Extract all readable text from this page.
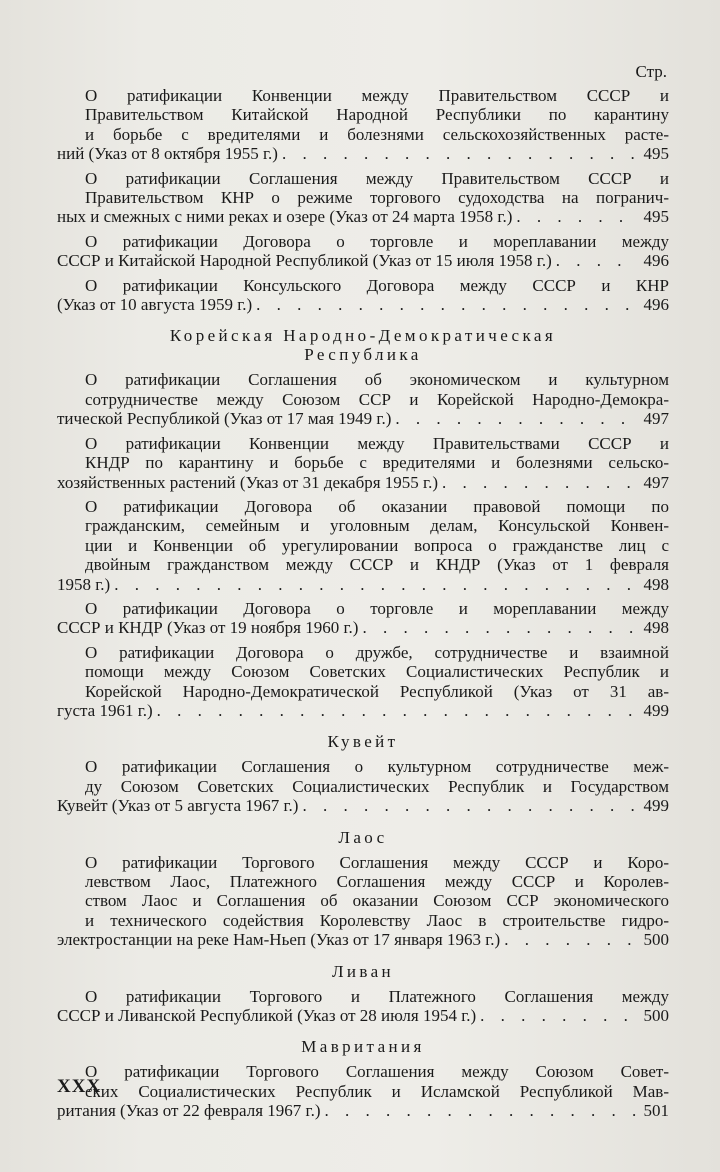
Стр.
О ратификации Конвенции между Правительством СССР и
Правительством Китайской Народной Республики по карантину
и борьбе с вредителями и болезнями сельскохозяйственных расте-
ний (Указ от 8 октября 1955 г.) . . .	495
О ратификации Соглашения между Правительством СССР и
Правительством КНР о режиме торгового судоходства на погранич-
ных и смежных с ними реках и озере (Указ от 24 марта 1958 г.) . . .	495
О ратификации Договора о торговле и мореплавании между
СССР и Китайской Народной Республикой (Указ от 15 июля 1958 г.) . . .	496
О ратификации Консульского Договора между СССР и КНР
(Указ от 10 августа 1959 г.) . . .	496
Корейская Народно-Демократическая
Республика
О ратификации Соглашения об экономическом и культурном
сотрудничестве между Союзом ССР и Корейской Народно-Демокра-
тической Республикой (Указ от 17 мая 1949 г.) . . .	497
О ратификации Конвенции между Правительствами СССР и
КНДР по карантину и борьбе с вредителями и болезнями сельско-
хозяйственных растений (Указ от 31 декабря 1955 г.) . . .	497
О ратификации Договора об оказании правовой помощи по
гражданским, семейным и уголовным делам, Консульской Конвен-
ции и Конвенции об урегулировании вопроса о гражданстве лиц с
двойным гражданством между СССР и КНДР (Указ от 1 февраля
1958 г.) . . .	498
О ратификации Договора о торговле и мореплавании между
СССР и КНДР (Указ от 19 ноября 1960 г.) . . .	498
О ратификации Договора о дружбе, сотрудничестве и взаимной
помощи между Союзом Советских Социалистических Республик и
Корейской Народно-Демократической Республикой (Указ от 31 ав-
густа 1961 г.) . . .	499
Кувейт
О ратификации Соглашения о культурном сотрудничестве меж-
ду Союзом Советских Социалистических Республик и Государством
Кувейт (Указ от 5 августа 1967 г.) . . .	499
Лаос
О ратификации Торгового Соглашения между СССР и Коро-
левством Лаос, Платежного Соглашения между СССР и Королев-
ством Лаос и Соглашения об оказании Союзом ССР экономического
и технического содействия Королевству Лаос в строительстве гидро-
электростанции на реке Нам-Ньеп (Указ от 17 января 1963 г.) . . .	500
Ливан
О ратификации Торгового и Платежного Соглашения между
СССР и Ливанской Республикой (Указ от 28 июля 1954 г.) . . .	500
Мавритания
О ратификации Торгового Соглашения между Союзом Совет-
ских Социалистических Республик и Исламской Республикой Мав-
ритания (Указ от 22 февраля 1967 г.) . . .	501
XXX
